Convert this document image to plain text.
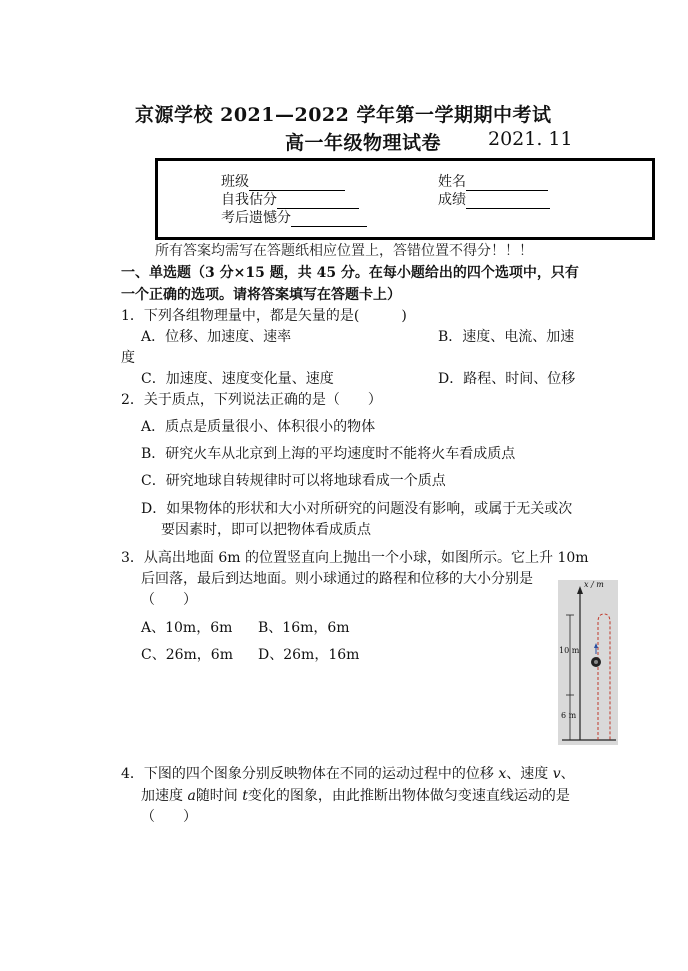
京源学校 2021—2022 学年第一学期期中考试
高一年级物理试卷 2021. 11
班级	姓名
自我估分	成绩
考后遗憾分
所有答案均需写在答题纸相应位置上，答错位置不得分！！！
一、单选题（3 分×15 题，共 45 分。在每小题给出的四个选项中，只有
一个正确的选项。请将答案填写在答题卡上）
1．下列各组物理量中，都是矢量的是(　　　)
A．位移、加速度、速率	B．速度、电流、加速
度
C．加速度、速度变化量、速度	D．路程、时间、位移
2．关于质点，下列说法正确的是（　　）
A．质点是质量很小、体积很小的物体
B．研究火车从北京到上海的平均速度时不能将火车看成质点
C．研究地球自转规律时可以将地球看成一个质点
D．如果物体的形状和大小对所研究的问题没有影响，或属于无关或次
要因素时，即可以把物体看成质点
3．从高出地面 6m 的位置竖直向上抛出一个小球，如图所示。它上升 10m
后回落，最后到达地面。则小球通过的路程和位移的大小分别是
（　　）
A、10m，6m B、16m，6m
C、26m，6m D、26m，16m
x / m
10 m
6 m
4．下图的四个图象分别反映物体在不同的运动过程中的位移 x、速度 v、
加速度 a随时间 t变化的图象，由此推断出物体做匀变速直线运动的是
（　　）
